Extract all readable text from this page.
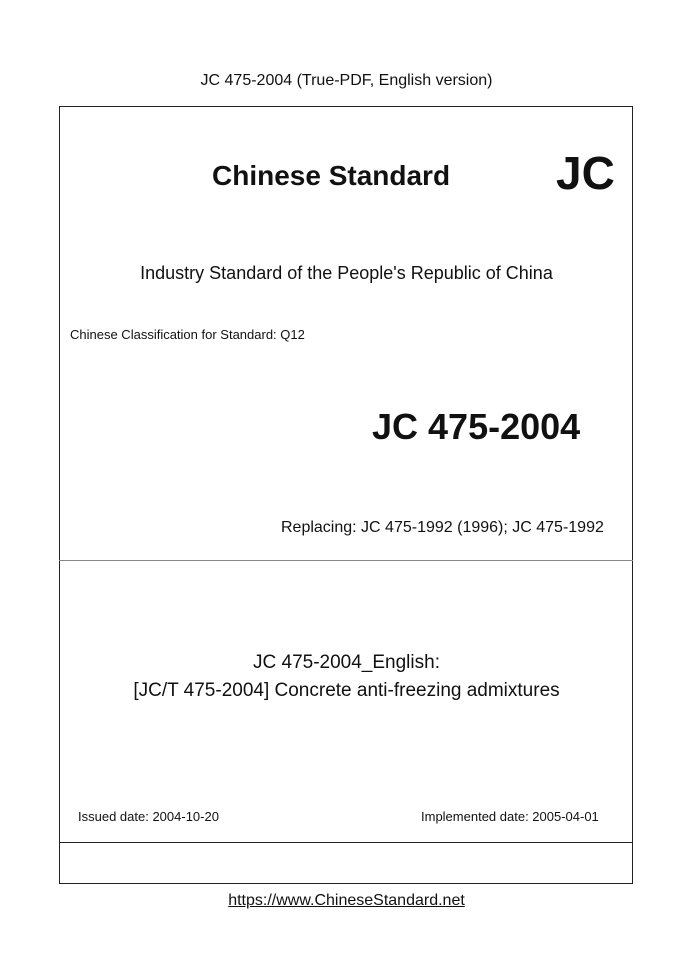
JC 475-2004 (True-PDF, English version)
Chinese Standard JC
Industry Standard of the People's Republic of China
Chinese Classification for Standard: Q12
JC 475-2004
Replacing: JC 475-1992 (1996); JC 475-1992
JC 475-2004_English:
[JC/T 475-2004] Concrete anti-freezing admixtures
Issued date: 2004-10-20	Implemented date: 2005-04-01
https://www.ChineseStandard.net
